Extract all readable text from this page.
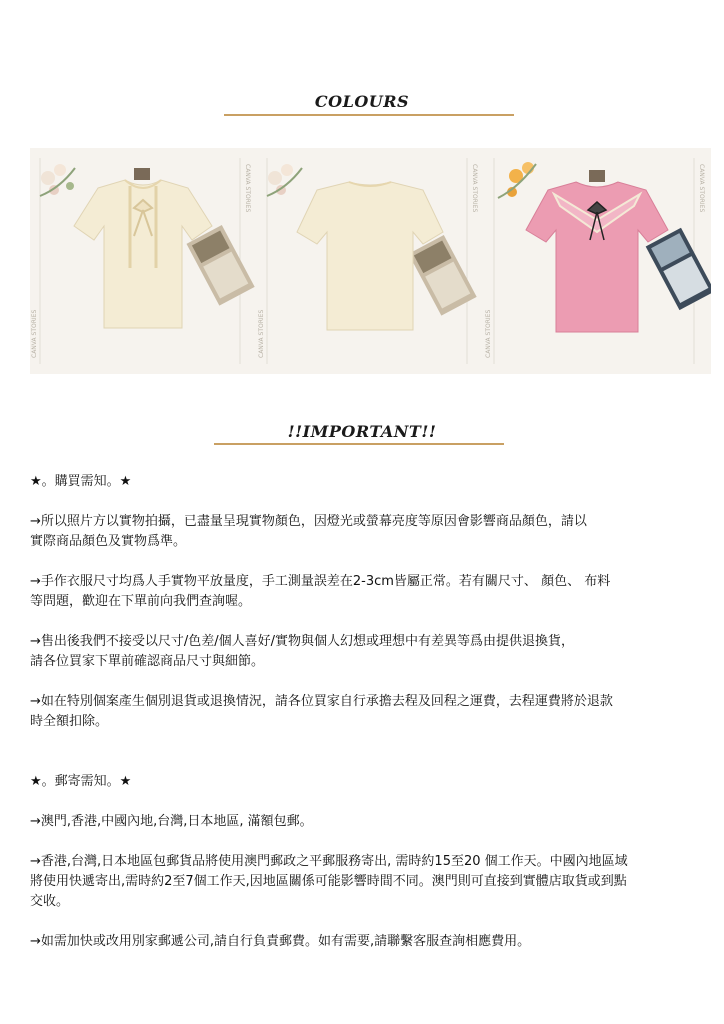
COLOURS
CANVA STORIES
CANVA STORIES
CANVA STORIES
CANVA STORIES
CANVA STORIES
CANVA STORIES
!!IMPORTANT!!

★。購買需知。★

→所以照片方以實物拍攝，已盡量呈現實物顏色，因燈光或螢幕亮度等原因會影響商品顏色，請以
實際商品顏色及實物爲準。

→手作衣服尺寸均爲人手實物平放量度，手工測量誤差在2-3cm皆屬正常。若有關尺寸、 顏色、 布料
等問題，歡迎在下單前向我們查詢喔。

→售出後我們不接受以尺寸/色差/個人喜好/實物與個人幻想或理想中有差異等爲由提供退換貨，
請各位買家下單前確認商品尺寸與細節。

→如在特別個案產生個別退貨或退換情況，請各位買家自行承擔去程及回程之運費，去程運費將於退款
時全額扣除。

★。郵寄需知。★

→澳門,香港,中國內地,台灣,日本地區, 滿額包郵。

→香港,台灣,日本地區包郵貨品將使用澳門郵政之平郵服務寄出, 需時約15至20 個工作天。中國內地區域
將使用快遞寄出,需時約2至7個工作天,因地區關係可能影響時間不同。澳門則可直接到實體店取貨或到點
交收。

→如需加快或改用別家郵遞公司,請自行負責郵費。如有需要,請聯繫客服查詢相應費用。
